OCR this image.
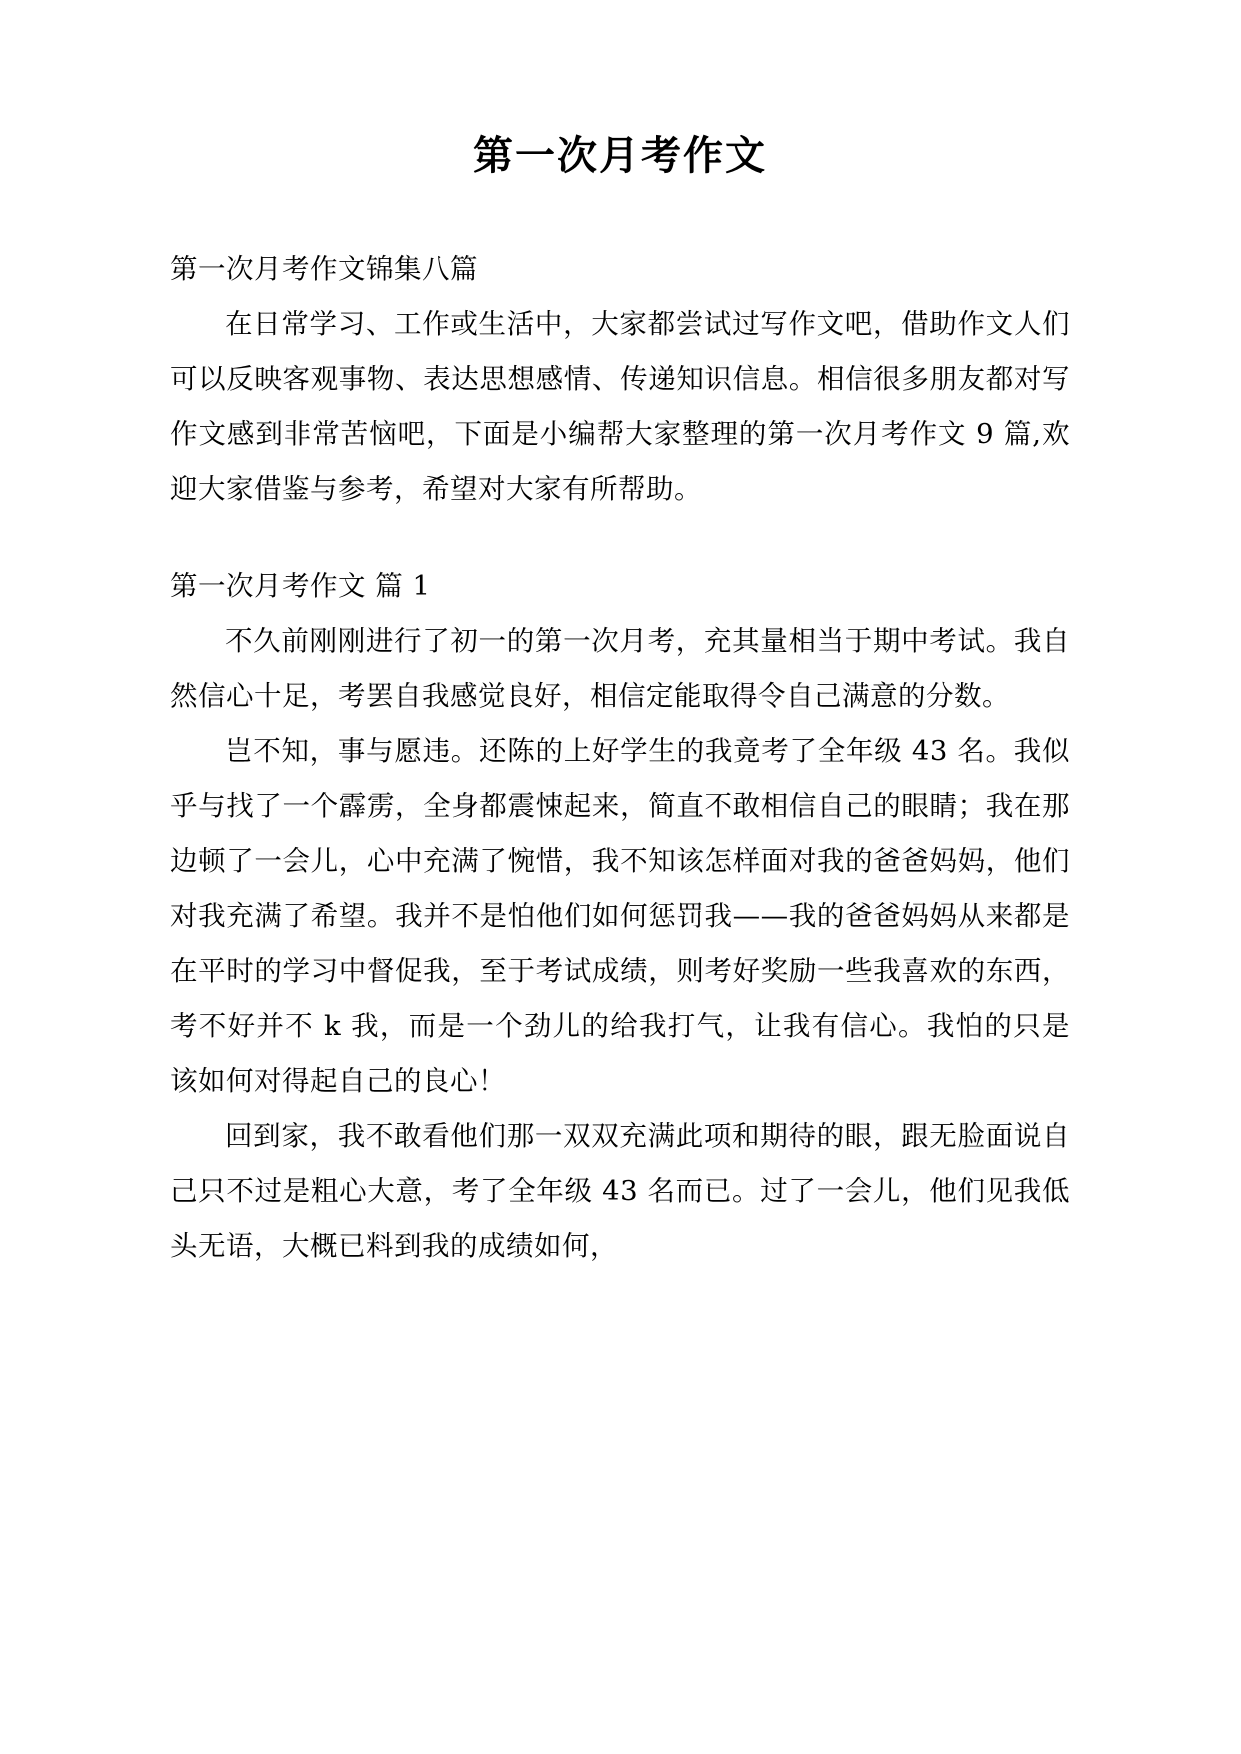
第一次月考作文

第一次月考作文锦集八篇

在日常学习、工作或生活中，大家都尝试过写作文吧，借助作文人们可以反映客观事物、表达思想感情、传递知识信息。相信很多朋友都对写作文感到非常苦恼吧，下面是小编帮大家整理的第一次月考作文 9 篇,欢迎大家借鉴与参考，希望对大家有所帮助。

第一次月考作文 篇 1

不久前刚刚进行了初一的第一次月考，充其量相当于期中考试。我自然信心十足，考罢自我感觉良好，相信定能取得令自己满意的分数。

岂不知，事与愿违。还陈的上好学生的我竟考了全年级 43 名。我似乎与找了一个霹雳，全身都震悚起来，简直不敢相信自己的眼睛；我在那边顿了一会儿，心中充满了惋惜，我不知该怎样面对我的爸爸妈妈，他们对我充满了希望。我并不是怕他们如何惩罚我——我的爸爸妈妈从来都是在平时的学习中督促我，至于考试成绩，则考好奖励一些我喜欢的东西，考不好并不 k 我，而是一个劲儿的给我打气，让我有信心。我怕的只是该如何对得起自己的良心！

回到家，我不敢看他们那一双双充满此项和期待的眼，跟无脸面说自己只不过是粗心大意，考了全年级 43 名而已。过了一会儿，他们见我低头无语，大概已料到我的成绩如何，
